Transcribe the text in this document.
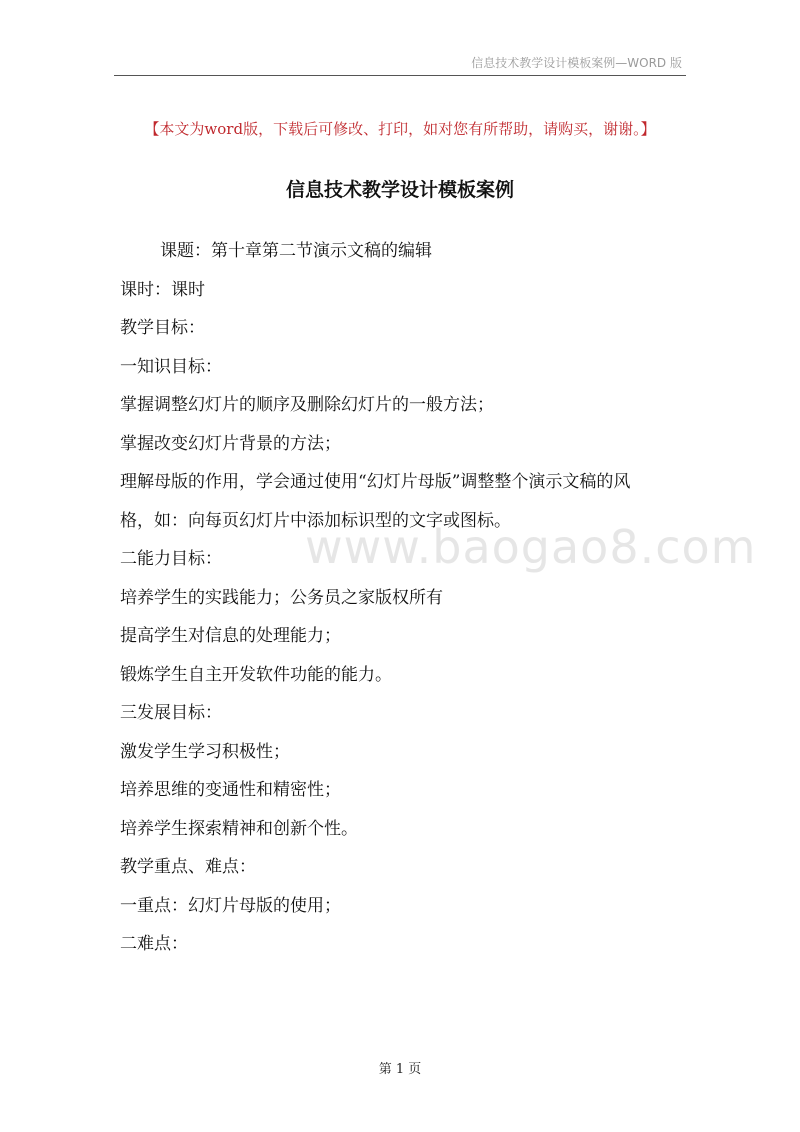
信息技术教学设计模板案例—WORD 版
【本文为word版，下载后可修改、打印，如对您有所帮助，请购买，谢谢。】
信息技术教学设计模板案例
课题：第十章第二节演示文稿的编辑
课时：课时
教学目标：
一知识目标：
掌握调整幻灯片的顺序及删除幻灯片的一般方法；
掌握改变幻灯片背景的方法；
理解母版的作用，学会通过使用“幻灯片母版”调整整个演示文稿的风
格，如：向每页幻灯片中添加标识型的文字或图标。
二能力目标：
培养学生的实践能力；公务员之家版权所有
提高学生对信息的处理能力；
锻炼学生自主开发软件功能的能力。
三发展目标：
激发学生学习积极性；
培养思维的变通性和精密性；
培养学生探索精神和创新个性。
教学重点、难点：
一重点：幻灯片母版的使用；
二难点：
www.baogao8.com
第 1 页
